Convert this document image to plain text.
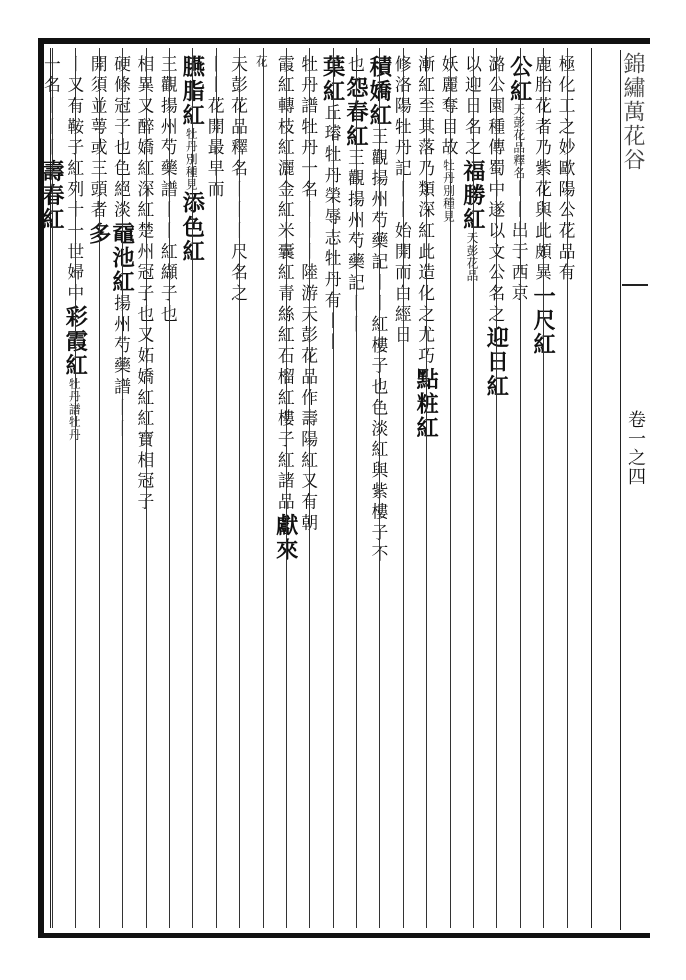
錦繡萬花谷
卷一之四
極化工之妙歐陽公花品有
鹿胎花者乃紫花與此頗異一尺紅
公紅天彭花品釋名丨丨出于西京
潞公園種傳蜀中遂以文公名之迎日紅
以迎日名之福勝紅天彭花品
妖麗奪目故牡丹別種見
漸紅至其落乃類深紅此造化之尤巧點粧紅
修洛陽牡丹記丨丨始開而白經日
積嬌紅王觀揚州芍藥記丨丨紅樓子也色淡紅與紫樓子不
也怨春紅王觀揚州芍藥記丨丨
葉紅丘璿牡丹榮辱志牡丹有丨丨
牡丹譜牡丹一名丨丨丨陸游天彭花品作壽陽紅又有朝
霞紅轉枝紅灑金紅米囊紅青絲紅石榴紅樓子紅諸品獻來
花
天彭花品釋名丨丨丨尺名之
丨丨花開最早而
臙脂紅牡丹別種見添色紅
王觀揚州芍藥譜丨丨紅纈子也
相異又醉嬌紅深紅楚州冠子也又妬嬌紅紅寶相冠子
硬條冠子也色絕淡黿池紅揚州芍藥譜丨丨
開須並萼或三頭者多
丨又有鞍子紅列十一世婦中彩霞紅牡丹譜牡丹
一名丨丨丨壽春紅
